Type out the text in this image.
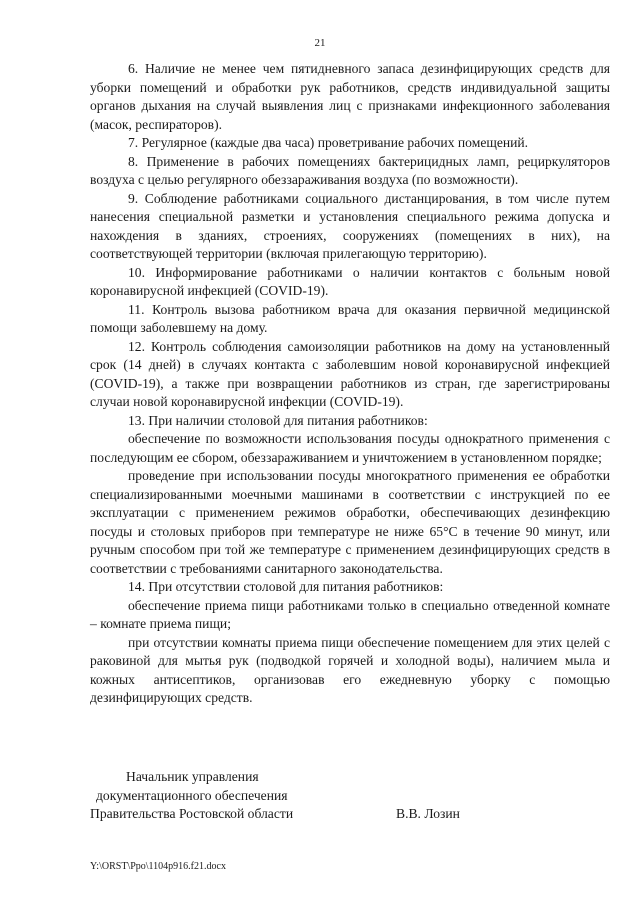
21

6. Наличие не менее чем пятидневного запаса дезинфицирующих средств для уборки помещений и обработки рук работников, средств индивидуальной защиты органов дыхания на случай выявления лиц с признаками инфекционного заболевания (масок, респираторов).

7. Регулярное (каждые два часа) проветривание рабочих помещений.

8. Применение в рабочих помещениях бактерицидных ламп, рециркуляторов воздуха с целью регулярного обеззараживания воздуха (по возможности).

9. Соблюдение работниками социального дистанцирования, в том числе путем нанесения специальной разметки и установления специального режима допуска и нахождения в зданиях, строениях, сооружениях (помещениях в них), на соответствующей территории (включая прилегающую территорию).

10. Информирование работниками о наличии контактов с больным новой коронавирусной инфекцией (COVID-19).

11. Контроль вызова работником врача для оказания первичной медицинской помощи заболевшему на дому.

12. Контроль соблюдения самоизоляции работников на дому на установленный срок (14 дней) в случаях контакта с заболевшим новой коронавирусной инфекцией (COVID-19), а также при возвращении работников из стран, где зарегистрированы случаи новой коронавирусной инфекции (COVID-19).

13. При наличии столовой для питания работников:

обеспечение по возможности использования посуды однократного применения с последующим ее сбором, обеззараживанием и уничтожением в установленном порядке;

проведение при использовании посуды многократного применения ее обработки специализированными моечными машинами в соответствии с инструкцией по ее эксплуатации с применением режимов обработки, обеспечивающих дезинфекцию посуды и столовых приборов при температуре не ниже 65°С в течение 90 минут, или ручным способом при той же температуре с применением дезинфицирующих средств в соответствии с требованиями санитарного законодательства.

14. При отсутствии столовой для питания работников:

обеспечение приема пищи работниками только в специально отведенной комнате – комнате приема пищи;

при отсутствии комнаты приема пищи обеспечение помещением для этих целей с раковиной для мытья рук (подводкой горячей и холодной воды), наличием мыла и кожных антисептиков, организовав его ежедневную уборку с помощью дезинфицирующих средств.

Начальник управления
документационного обеспечения
Правительства Ростовской области	В.В. Лозин
Y:\ORST\Ppo\1104p916.f21.docx
